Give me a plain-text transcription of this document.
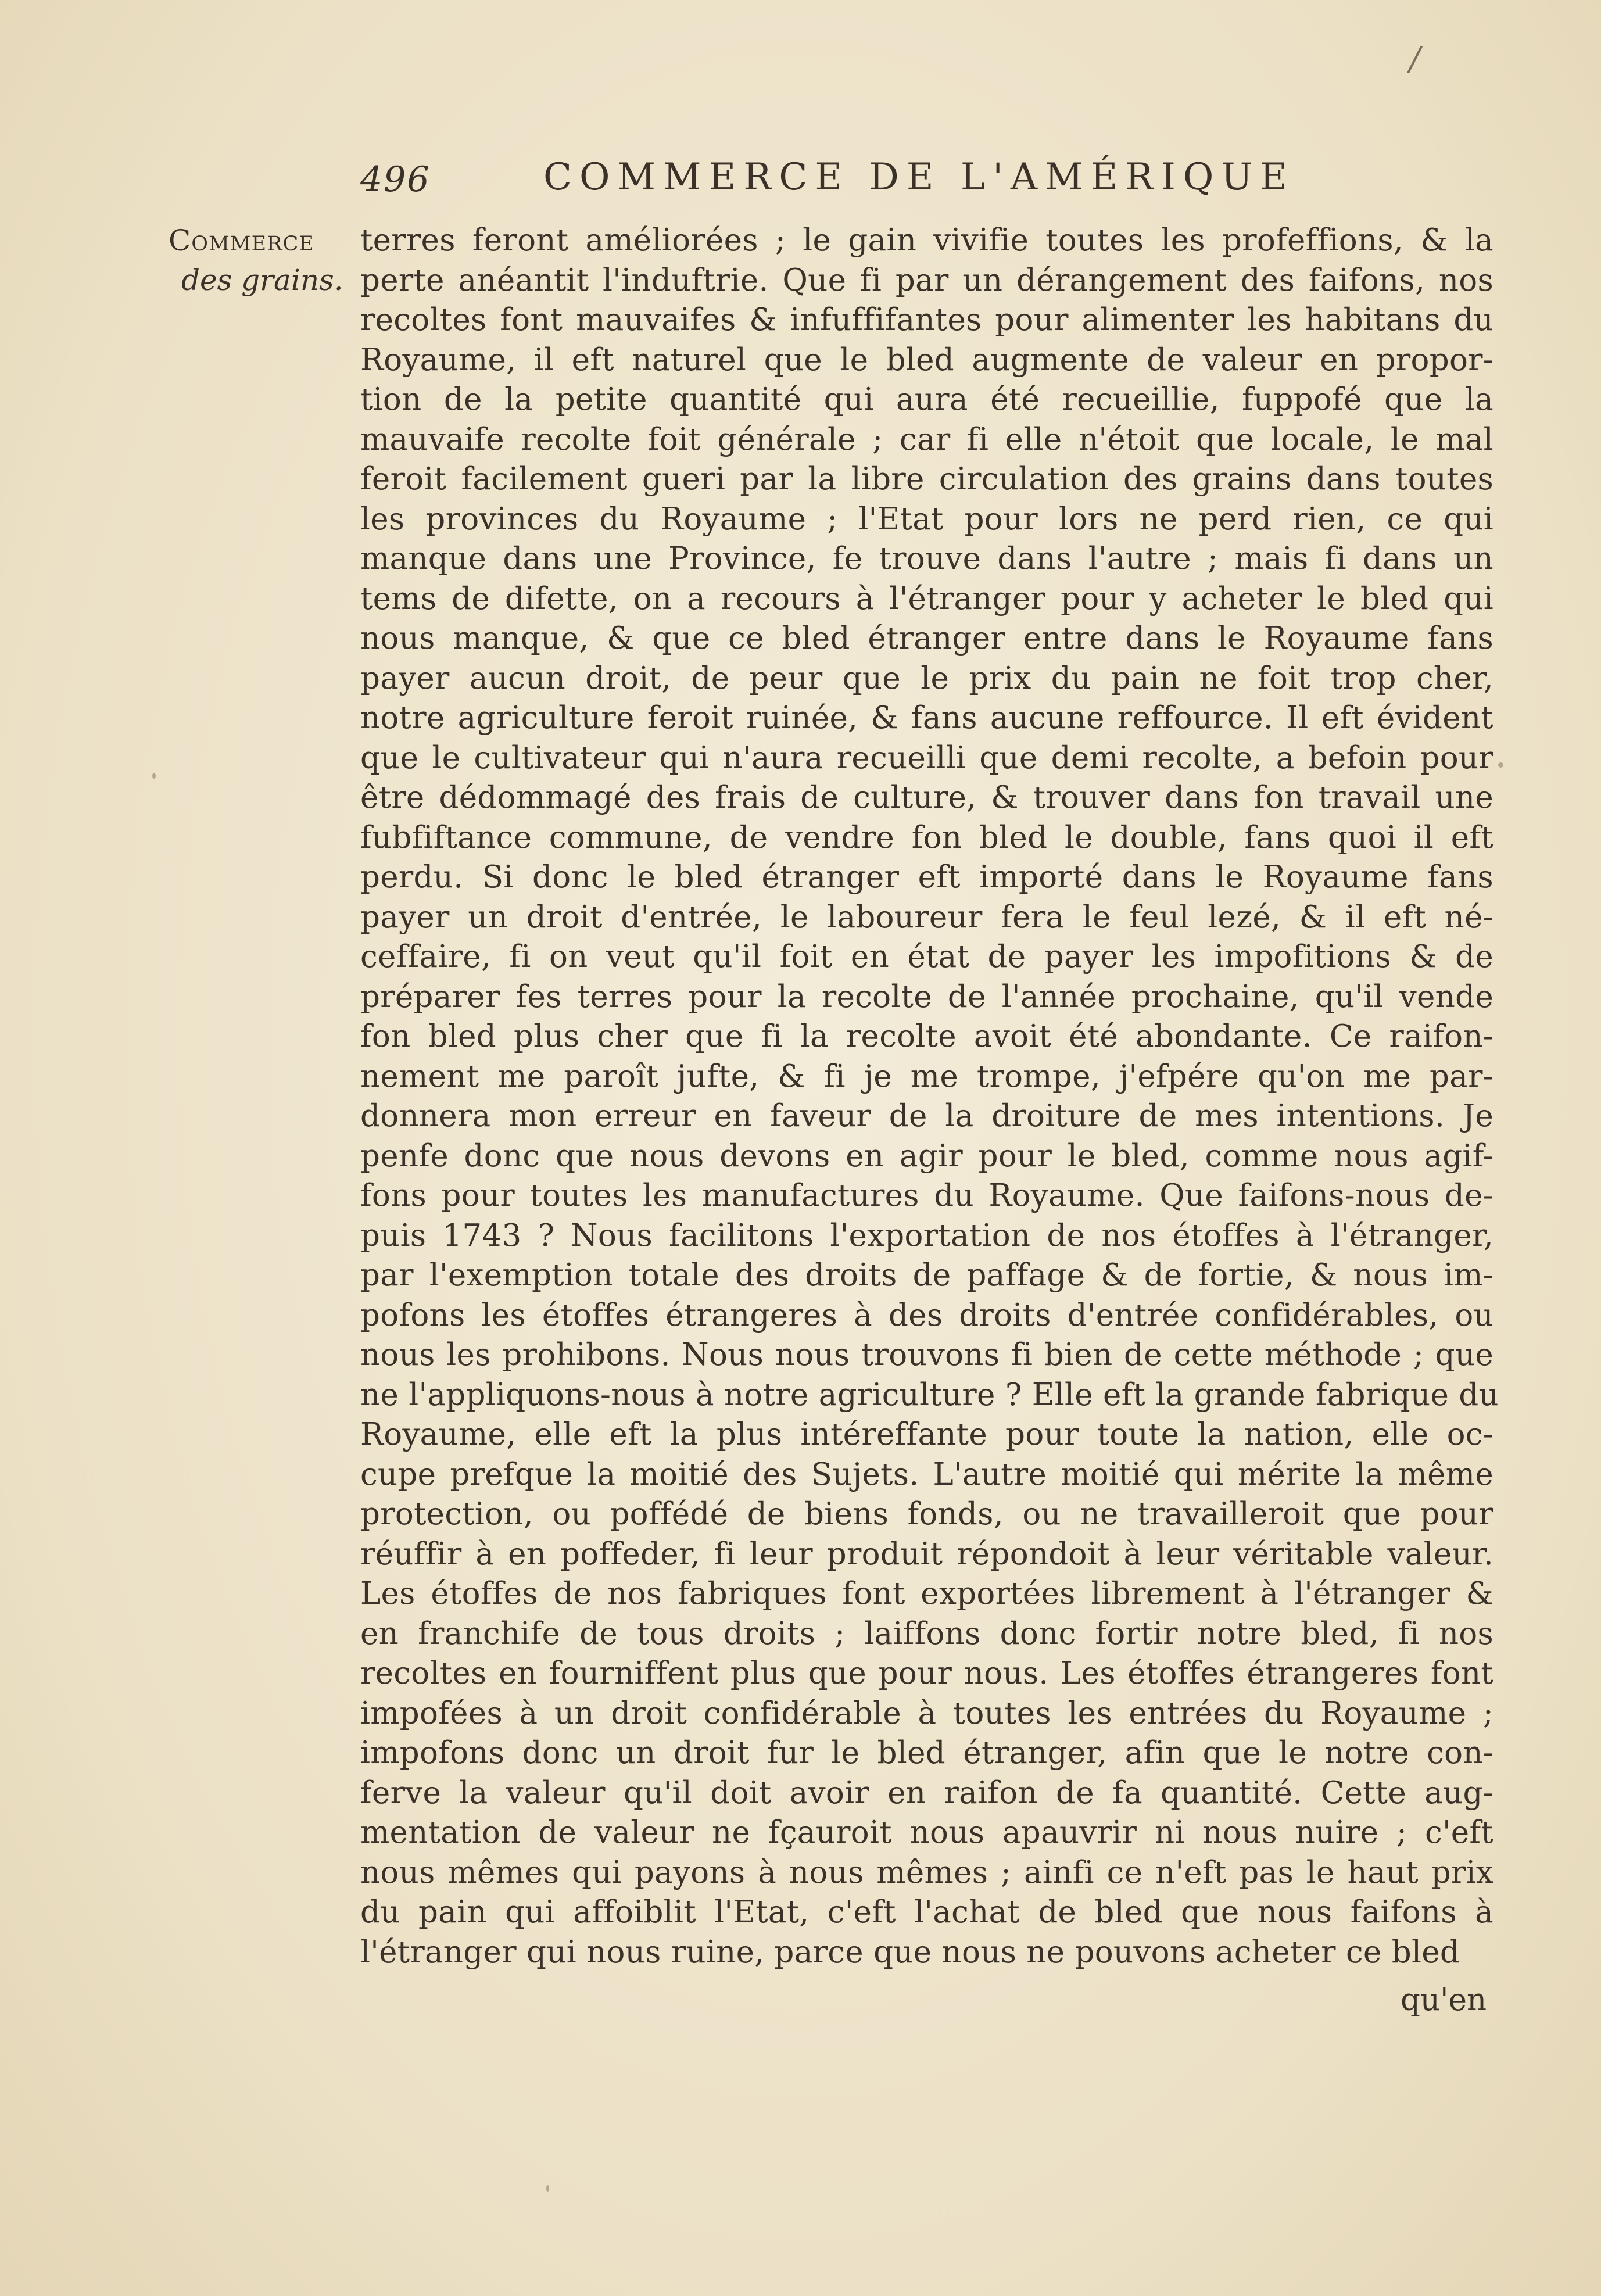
/
496	COMMERCE DE L'AMÉRIQUE
Commerce
des grains.
terres feront améliorées ; le gain vivifie toutes les profeffions, & la
perte anéantit l'induftrie. Que fi par un dérangement des faifons, nos
recoltes font mauvaifes & infuffifantes pour alimenter les habitans du
Royaume, il eft naturel que le bled augmente de valeur en propor-
tion de la petite quantité qui aura été recueillie, fuppofé que la
mauvaife recolte foit générale ; car fi elle n'étoit que locale, le mal
feroit facilement gueri par la libre circulation des grains dans toutes
les provinces du Royaume ; l'Etat pour lors ne perd rien, ce qui
manque dans une Province, fe trouve dans l'autre ; mais fi dans un
tems de difette, on a recours à l'étranger pour y acheter le bled qui
nous manque, & que ce bled étranger entre dans le Royaume fans
payer aucun droit, de peur que le prix du pain ne foit trop cher,
notre agriculture feroit ruinée, & fans aucune reffource. Il eft évident
que le cultivateur qui n'aura recueilli que demi recolte, a befoin pour
être dédommagé des frais de culture, & trouver dans fon travail une
fubfiftance commune, de vendre fon bled le double, fans quoi il eft
perdu. Si donc le bled étranger eft importé dans le Royaume fans
payer un droit d'entrée, le laboureur fera le feul lezé, & il eft né-
ceffaire, fi on veut qu'il foit en état de payer les impofitions & de
préparer fes terres pour la recolte de l'année prochaine, qu'il vende
fon bled plus cher que fi la recolte avoit été abondante. Ce raifon-
nement me paroît jufte, & fi je me trompe, j'efpére qu'on me par-
donnera mon erreur en faveur de la droiture de mes intentions. Je
penfe donc que nous devons en agir pour le bled, comme nous agif-
fons pour toutes les manufactures du Royaume. Que faifons-nous de-
puis 1743 ? Nous facilitons l'exportation de nos étoffes à l'étranger,
par l'exemption totale des droits de paffage & de fortie, & nous im-
pofons les étoffes étrangeres à des droits d'entrée confidérables, ou
nous les prohibons. Nous nous trouvons fi bien de cette méthode ; que
ne l'appliquons-nous à notre agriculture ? Elle eft la grande fabrique du
Royaume, elle eft la plus intéreffante pour toute la nation, elle oc-
cupe prefque la moitié des Sujets. L'autre moitié qui mérite la même
protection, ou poffédé de biens fonds, ou ne travailleroit que pour
réuffir à en poffeder, fi leur produit répondoit à leur véritable valeur.
Les étoffes de nos fabriques font exportées librement à l'étranger &
en franchife de tous droits ; laiffons donc fortir notre bled, fi nos
recoltes en fourniffent plus que pour nous. Les étoffes étrangeres font
impofées à un droit confidérable à toutes les entrées du Royaume ;
impofons donc un droit fur le bled étranger, afin que le notre con-
ferve la valeur qu'il doit avoir en raifon de fa quantité. Cette aug-
mentation de valeur ne fçauroit nous apauvrir ni nous nuire ; c'eft
nous mêmes qui payons à nous mêmes ; ainfi ce n'eft pas le haut prix
du pain qui affoiblit l'Etat, c'eft l'achat de bled que nous faifons à
l'étranger qui nous ruine, parce que nous ne pouvons acheter ce bled
qu'en
